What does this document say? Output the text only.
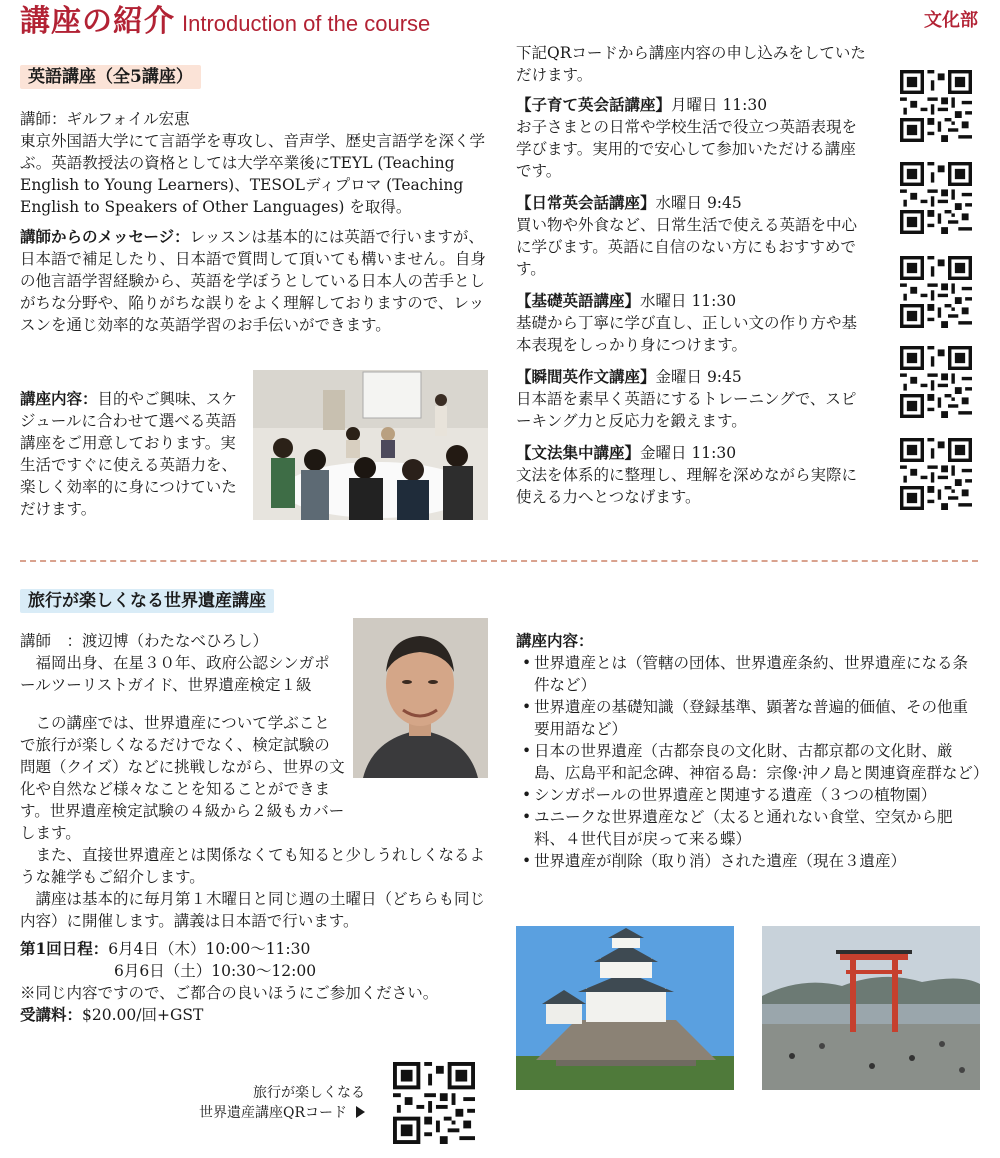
講座の紹介 Introduction of the course	文化部
英語講座（全5講座）

講師：ギルフォイル宏恵

東京外国語大学にて言語学を専攻し、音声学、歴史言語学を深く学ぶ。英語教授法の資格としては大学卒業後にTEYL (Teaching English to Young Learners)、TESOLディプロマ (Teaching English to Speakers of Other Languages) を取得。

講師からのメッセージ：レッスンは基本的には英語で行いますが、日本語で補足したり、日本語で質問して頂いても構いません。自身の他言語学習経験から、英語を学ぼうとしている日本人の苦手としがちな分野や、陥りがちな誤りをよく理解しておりますので、レッスンを通じ効率的な英語学習のお手伝いができます。

講座内容：目的やご興味、スケジュールに合わせて選べる英語講座をご用意しております。実生活ですぐに使える英語力を、楽しく効率的に身につけていただけます。

下記QRコードから講座内容の申し込みをしていただけます。

【子育て英会話講座】月曜日 11:30

お子さまとの日常や学校生活で役立つ英語表現を学びます。実用的で安心して参加いただける講座です。

【日常英会話講座】水曜日 9:45

買い物や外食など、日常生活で使える英語を中心に学びます。英語に自信のない方にもおすすめです。

【基礎英語講座】水曜日 11:30

基礎から丁寧に学び直し、正しい文の作り方や基本表現をしっかり身につけます。

【瞬間英作文講座】金曜日 9:45

日本語を素早く英語にするトレーニングで、スピーキング力と反応力を鍛えます。

【文法集中講座】金曜日 11:30

文法を体系的に整理し、理解を深めながら実際に使える力へとつなげます。

旅行が楽しくなる世界遺産講座

講師　：渡辺博（わたなべひろし）

福岡出身、在星３０年、政府公認シンガポールツーリストガイド、世界遺産検定１級

この講座では、世界遺産について学ぶことで旅行が楽しくなるだけでなく、検定試験の問題（クイズ）などに挑戦しながら、世界の文化や自然など様々なことを知ることができます。世界遺産検定試験の４級から２級もカバーします。

また、直接世界遺産とは関係なくても知ると少しうれしくなるような雑学もご紹介します。

講座は基本的に毎月第１木曜日と同じ週の土曜日（どちらも同じ内容）に開催します。講義は日本語で行います。

第1回日程：6月4日（木）10:00〜11:30

6月6日（土）10:30〜12:00

※同じ内容ですので、ご都合の良いほうにご参加ください。

受講料：$20.00/回+GST

講座内容：

• 世界遺産とは（管轄の団体、世界遺産条約、世界遺産になる条件など）
• 世界遺産の基礎知識（登録基準、顕著な普遍的価値、その他重要用語など）
• 日本の世界遺産（古都奈良の文化財、古都京都の文化財、厳島、広島平和記念碑、神宿る島：宗像·沖ノ島と関連資産群など）
• シンガポールの世界遺産と関連する遺産（３つの植物園）
• ユニークな世界遺産など（太ると通れない食堂、空気から肥料、４世代目が戻って来る蝶）
• 世界遺産が削除（取り消）された遺産（現在３遺産）

旅行が楽しくなる

世界遺産講座QRコード
